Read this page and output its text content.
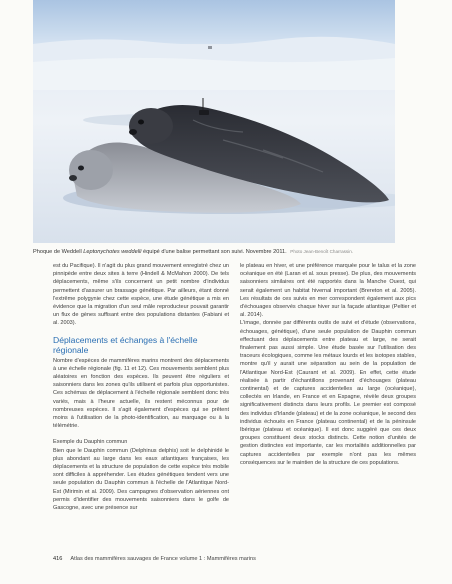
Phoque de Weddell Leptonychotes weddelli équipé d'une balise permettant son suivi. Novembre 2011. Photo Jean-Benoît Charrassin.

est du Pacifique). Il n'agit du plus grand mouvement enregistré chez un pinnipède entre deux sites à terre (Hindell & McMahon 2000). De tels déplacements, même s'ils concernent un petit nombre d'individus permettent d'assurer un brassage génétique. Par ailleurs, étant donné l'extrême polygynie chez cette espèce, une étude génétique a mis en évidence que la migration d'un seul mâle reproducteur pouvait garantir un flux de gènes suffisant entre des populations distantes (Fabiani et al. 2003).

Déplacements et échanges à l'échelle régionale

Nombre d'espèces de mammifères marins montrent des déplacements à une échelle régionale (fig. 11 et 12). Ces mouvements semblent plus aléatoires en fonction des espèces. Ils peuvent être réguliers et saisonniers dans les zones qu'ils utilisent et parfois plus opportunistes. Ces schémas de déplacement à l'échelle régionale semblent donc très variés, mais à l'heure actuelle, ils restent méconnus pour de nombreuses espèces. Il s'agit également d'espèces qui se prêtent moins à l'utilisation de la photo-identification, au marquage ou à la télémétrie.

Exemple du Dauphin commun

Bien que le Dauphin commun (Delphinus delphis) soit le delphinidé le plus abondant au large dans les eaux atlantiques françaises, les déplacements et la structure de population de cette espèce très mobile sont difficiles à appréhender. Les études génétiques tendent vers une seule population du Dauphin commun à l'échelle de l'Atlantique Nord-Est (Mirimin et al. 2009). Des campagnes d'observation aériennes ont permis d'identifier des mouvements saisonniers dans le golfe de Gascogne, avec une présence sur

le plateau en hiver, et une préférence marquée pour le talus et la zone océanique en été (Laran et al. sous presse). De plus, des mouvements saisonniers similaires ont été rapportés dans la Manche Ouest, qui serait également un habitat hivernal important (Brereton et al. 2005). Les résultats de ces suivis en mer correspondent également aux pics d'échouages observés chaque hiver sur la façade atlantique (Peltier et al. 2014).

L'image, donnée par différents outils de suivi et d'étude (observations, échouages, génétique), d'une seule population de Dauphin commun effectuant des déplacements entre plateau et large, ne serait finalement pas aussi simple. Une étude basée sur l'utilisation des traceurs écologiques, comme les métaux lourds et les isotopes stables, montre qu'il y aurait une séparation au sein de la population de l'Atlantique Nord-Est (Caurant et al. 2009). En effet, cette étude réalisée à partir d'échantillons provenant d'échouages (plateau continental) et de captures accidentelles au large (océanique), collectés en Irlande, en France et en Espagne, révèle deux groupes significativement distincts dans leurs profils. Le premier est composé des individus d'Irlande (plateau) et de la zone océanique, le second des individus échoués en France (plateau continental) et de la péninsule Ibérique (plateau et océanique). Il est donc suggéré que ces deux groupes constituent deux stocks distincts. Cette notion d'unités de gestion distinctes est importante, car les mortalités additionnelles par captures accidentelles par exemple n'ont pas les mêmes conséquences sur le maintien de la structure de ces populations.

416 Atlas des mammifères sauvages de France volume 1 : Mammifères marins
